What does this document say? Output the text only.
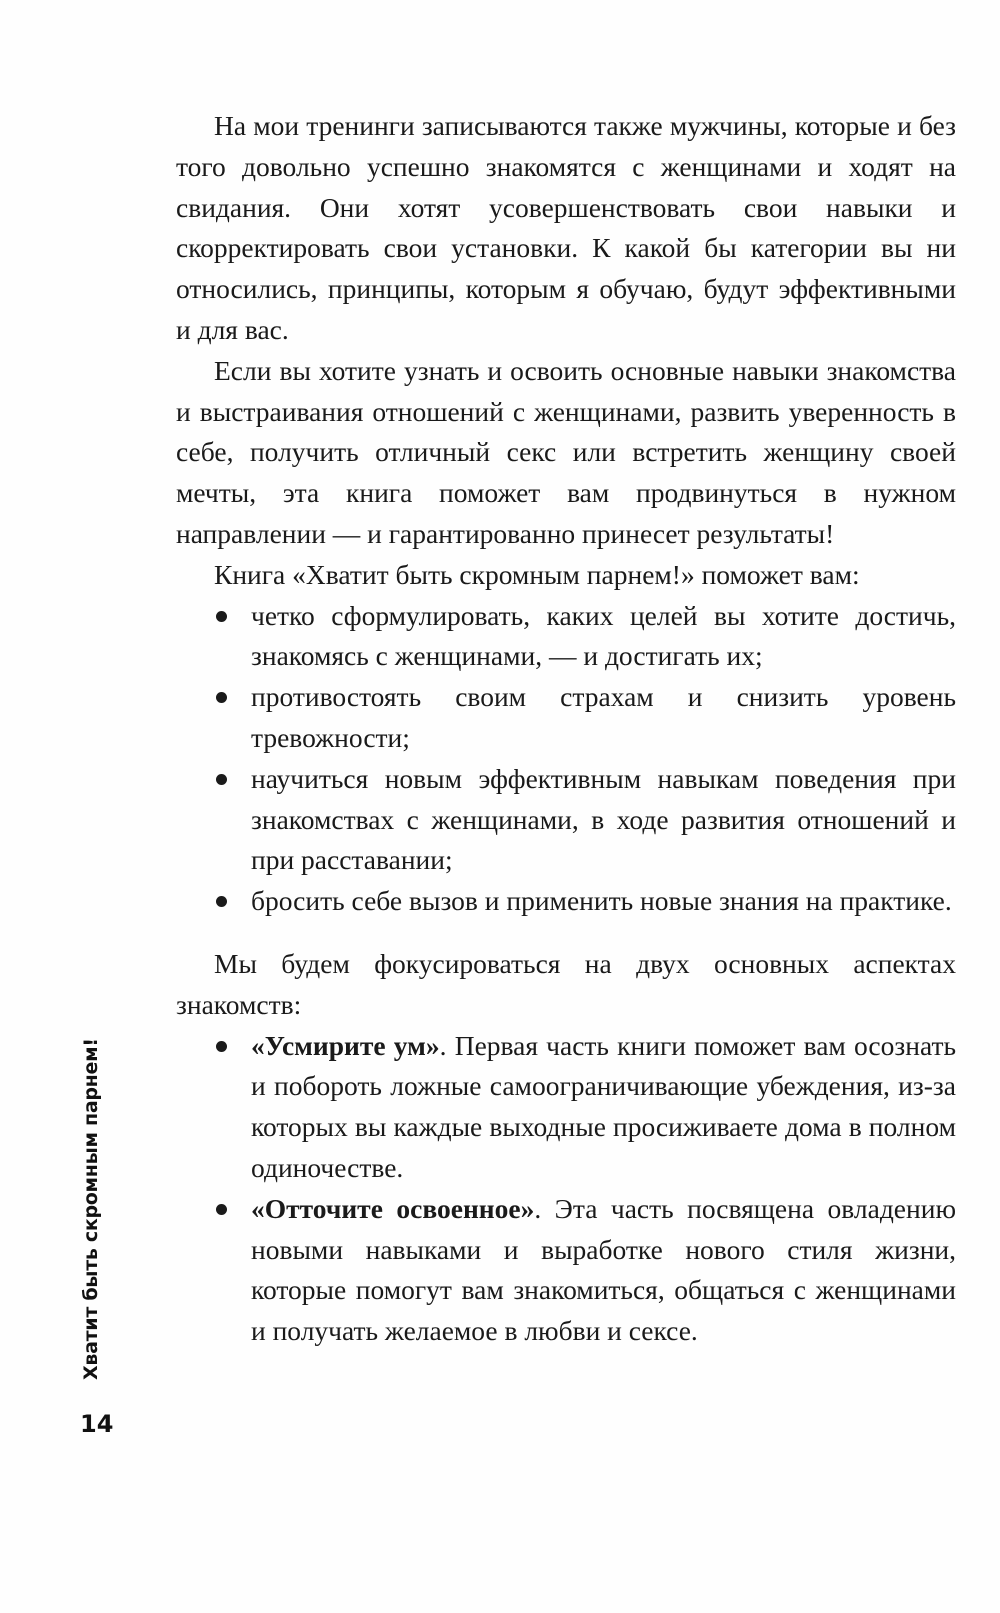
На мои тренинги записываются также мужчины, которые и без того довольно успешно знакомятся с женщинами и ходят на свидания. Они хотят усовершенствовать свои навыки и скорректировать свои установки. К какой бы категории вы ни относились, принципы, которым я обучаю, будут эффективными и для вас.

Если вы хотите узнать и освоить основные навыки знакомства и выстраивания отношений с женщинами, развить уверенность в себе, получить отличный секс или встретить женщину своей мечты, эта книга поможет вам продвинуться в нужном направлении — и гарантированно принесет результаты!

Книга «Хватит быть скромным парнем!» поможет вам:

четко сформулировать, каких целей вы хотите достичь, знакомясь с женщинами, — и достигать их;
противостоять своим страхам и снизить уровень тревожности;
научиться новым эффективным навыкам поведения при знакомствах с женщинами, в ходе развития отношений и при расставании;
бросить себе вызов и применить новые знания на практике.

Мы будем фокусироваться на двух основных аспектах знакомств:

«Усмирите ум». Первая часть книги поможет вам осознать и побороть ложные самоограничивающие убеждения, из-за которых вы каждые выходные просиживаете дома в полном одиночестве.
«Отточите освоенное». Эта часть посвящена овладению новыми навыками и выработке нового стиля жизни, которые помогут вам знакомиться, общаться с женщинами и получать желаемое в любви и сексе.
Хватит быть скромным парнем!
14
